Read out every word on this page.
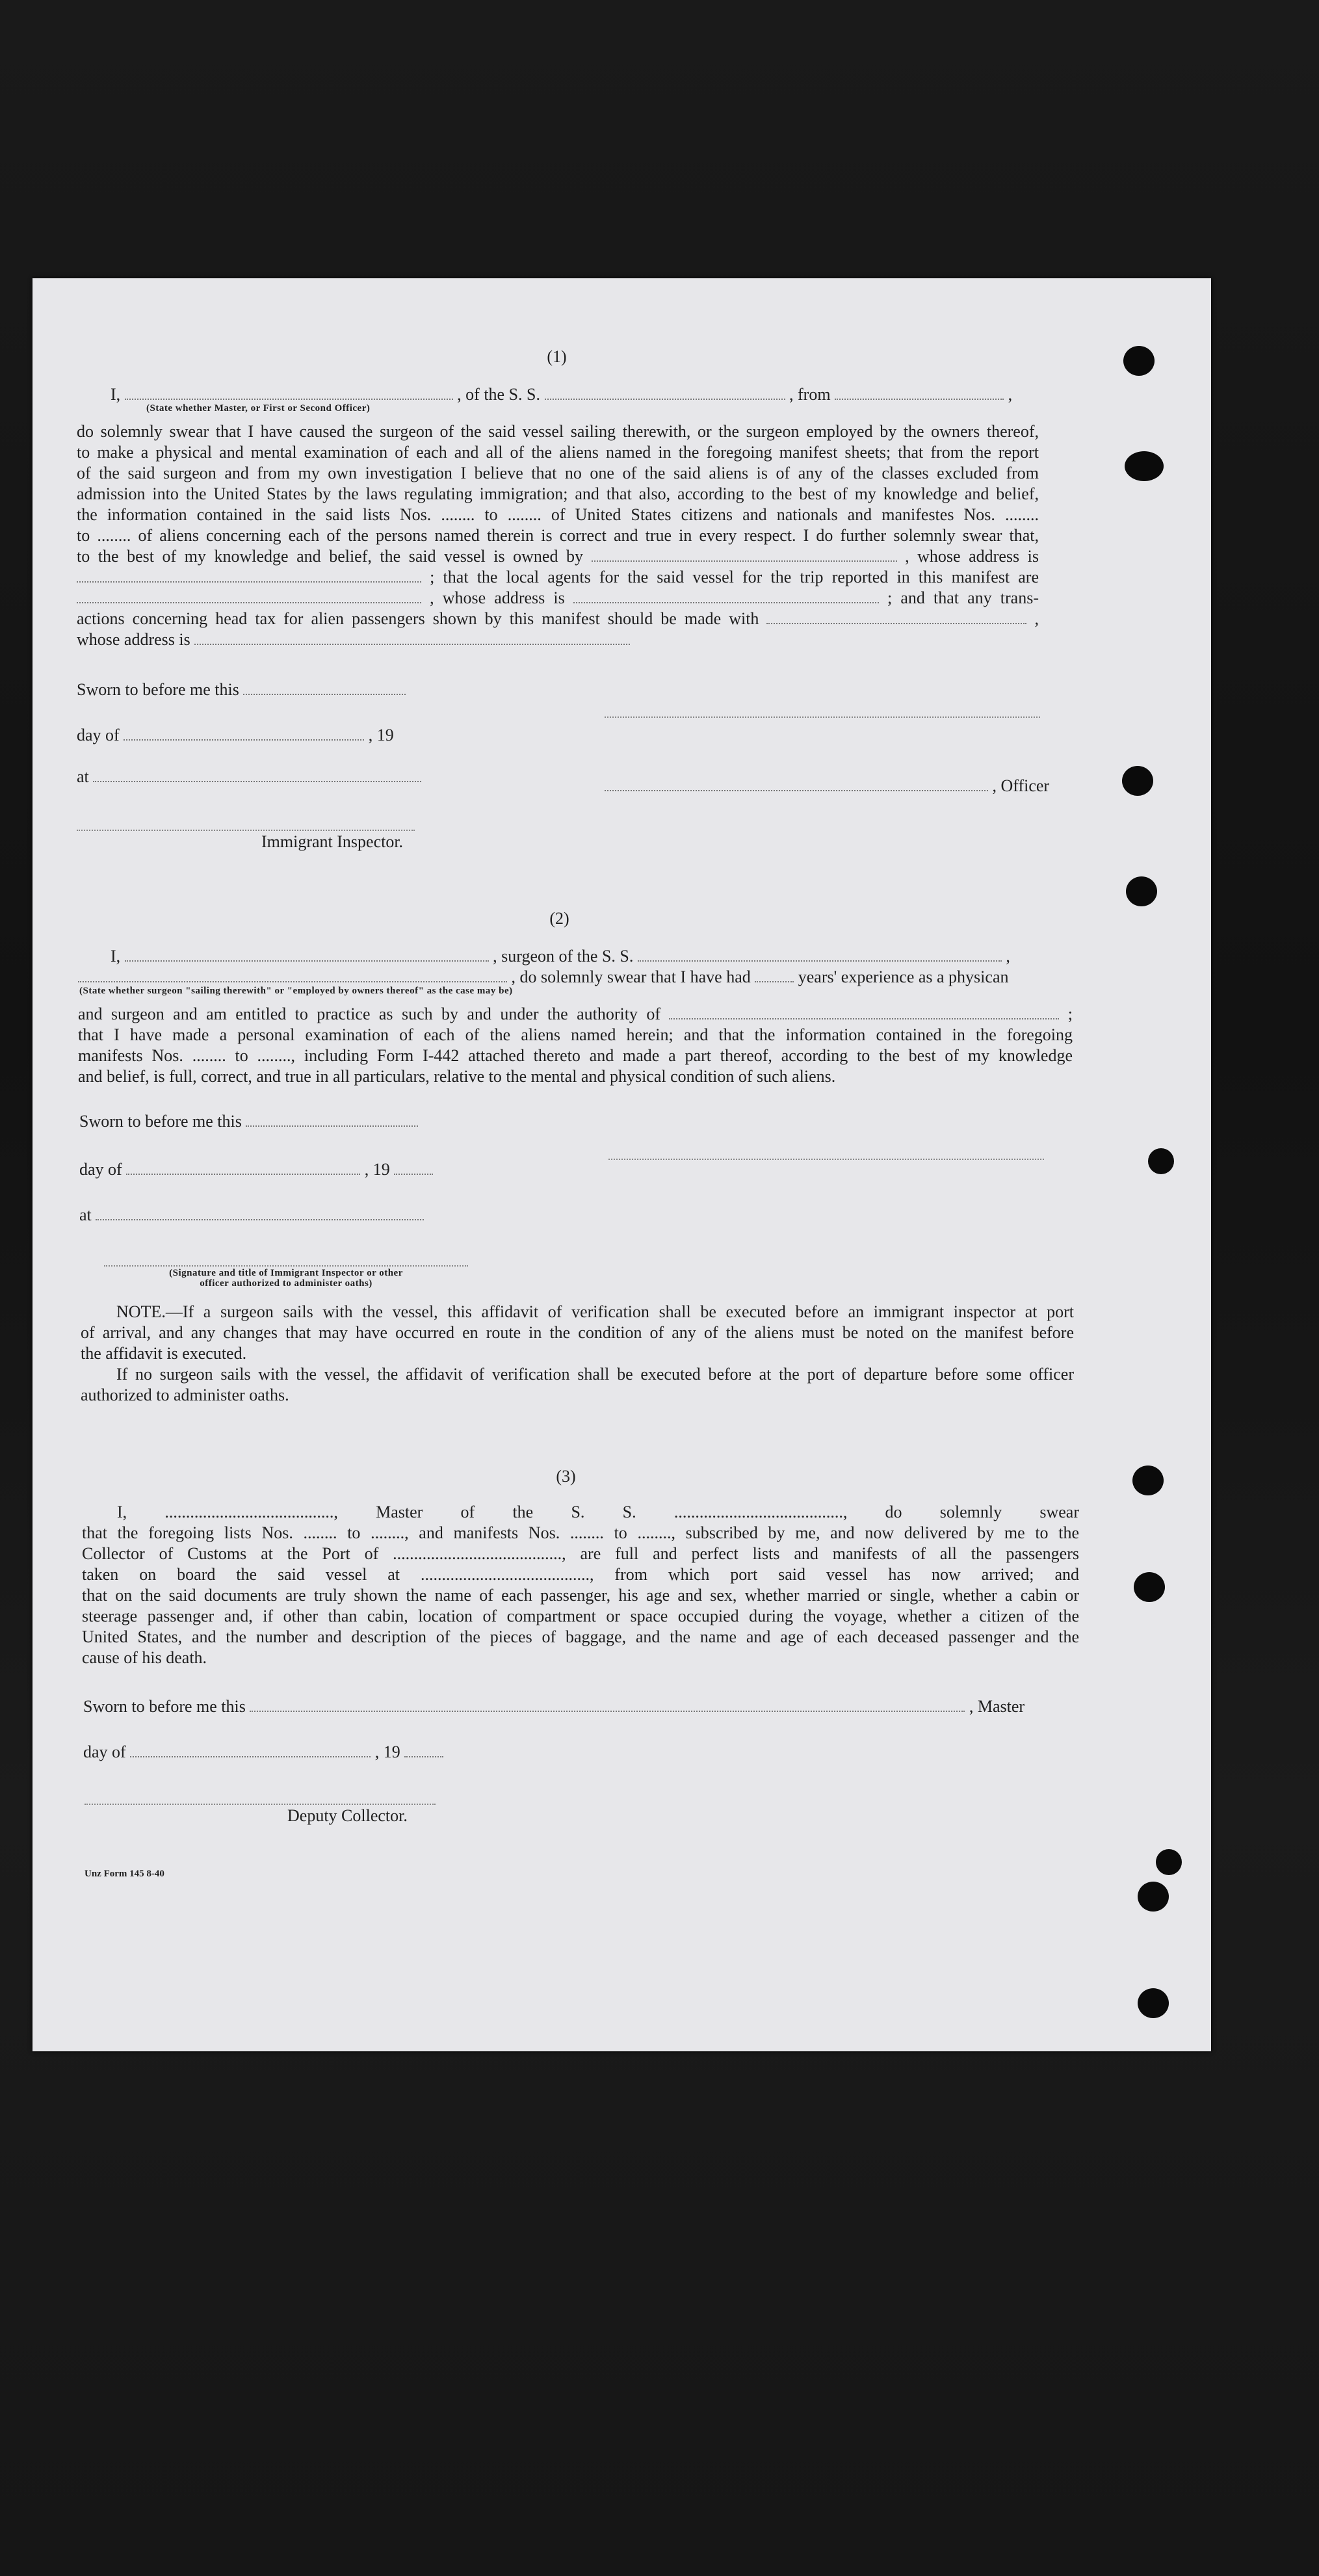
(1)
I,	, of the S. S.	, from	,
(State whether Master, or First or Second Officer)
do solemnly swear that I have caused the surgeon of the said vessel sailing therewith, or the surgeon employed by the owners thereof,
to make a physical and mental examination of each and all of the aliens named in the foregoing manifest sheets; that from the report
of the said surgeon and from my own investigation I believe that no one of the said aliens is of any of the classes excluded from
admission into the United States by the laws regulating immigration; and that also, according to the best of my knowledge and belief,
the information contained in the said lists Nos. ........ to ........ of United States citizens and nationals and manifestes Nos. ........
to ........ of aliens concerning each of the persons named therein is correct and true in every respect. I do further solemnly swear that,
to the best of my knowledge and belief, the said vessel is owned by	, whose address is
; that the local agents for the said vessel for the trip reported in this manifest are
, whose address is	; and that any trans-
actions concerning head tax for alien passengers shown by this manifest should be made with	,
whose address is
Sworn to before me this
day of	, 19
at	, Officer
Immigrant Inspector.
(2)
I,	, surgeon of the S. S.	,
, do solemnly swear that I have had	years' experience as a physican
(State whether surgeon "sailing therewith" or "employed by owners thereof" as the case may be)
and surgeon and am entitled to practice as such by and under the authority of	;
that I have made a personal examination of each of the aliens named herein; and that the information contained in the foregoing
manifests Nos. ........ to ........, including Form I-442 attached thereto and made a part thereof, according to the best of my knowledge
and belief, is full, correct, and true in all particulars, relative to the mental and physical condition of such aliens.
Sworn to before me this
day of	, 19
at
(Signature and title of Immigrant Inspector or other
officer authorized to administer oaths)
NOTE.—If a surgeon sails with the vessel, this affidavit of verification shall be executed before an immigrant inspector at port
of arrival, and any changes that may have occurred en route in the condition of any of the aliens must be noted on the manifest before
the affidavit is executed.
If no surgeon sails with the vessel, the affidavit of verification shall be executed before at the port of departure before some officer
authorized to administer oaths.
(3)
I, ........................................, Master of the S. S. ........................................, do solemnly swear
that the foregoing lists Nos. ........ to ........, and manifests Nos. ........ to ........, subscribed by me, and now delivered by me to the
Collector of Customs at the Port of ........................................, are full and perfect lists and manifests of all the passengers
taken on board the said vessel at ........................................, from which port said vessel has now arrived; and
that on the said documents are truly shown the name of each passenger, his age and sex, whether married or single, whether a cabin or
steerage passenger and, if other than cabin, location of compartment or space occupied during the voyage, whether a citizen of the
United States, and the number and description of the pieces of baggage, and the name and age of each deceased passenger and the
cause of his death.
Sworn to before me this	, Master
day of	, 19
Deputy Collector.
Unz Form 145 8-40
